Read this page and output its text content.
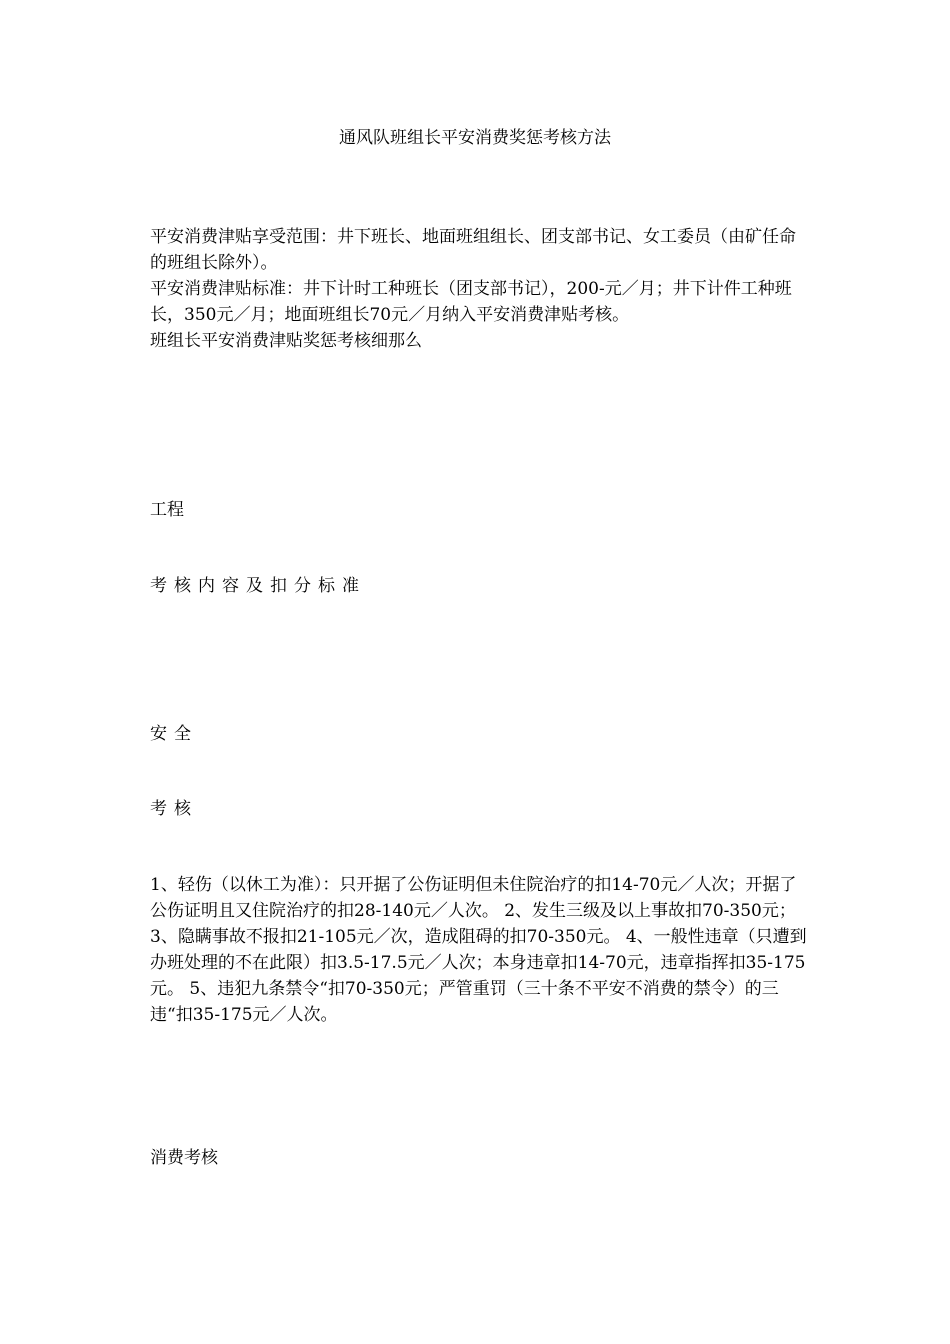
通风队班组长平安消费奖惩考核方法

平安消费津贴享受范围：井下班长、地面班组组长、团支部书记、女工委员（由矿任命的班组长除外）。

平安消费津贴标准：井下计时工种班长（团支部书记），200-元／月；井下计件工种班长，350元／月；地面班组长70元／月纳入平安消费津贴考核。

班组长平安消费津贴奖惩考核细那么

工程
考核内容及扣分标准
安全
考核

1、轻伤（以休工为准）：只开据了公伤证明但未住院治疗的扣14-70元／人次；开据了公伤证明且又住院治疗的扣28-140元／人次。 2、发生三级及以上事故扣70-350元；3、隐瞒事故不报扣21-105元／次，造成阻碍的扣70-350元。 4、一般性违章（只遭到办班处理的不在此限）扣3.5-17.5元／人次；本身违章扣14-70元，违章指挥扣35-175元。 5、违犯九条禁令“扣70-350元；严管重罚（三十条不平安不消费的禁令）的三违“扣35-175元／人次。

消费考核
